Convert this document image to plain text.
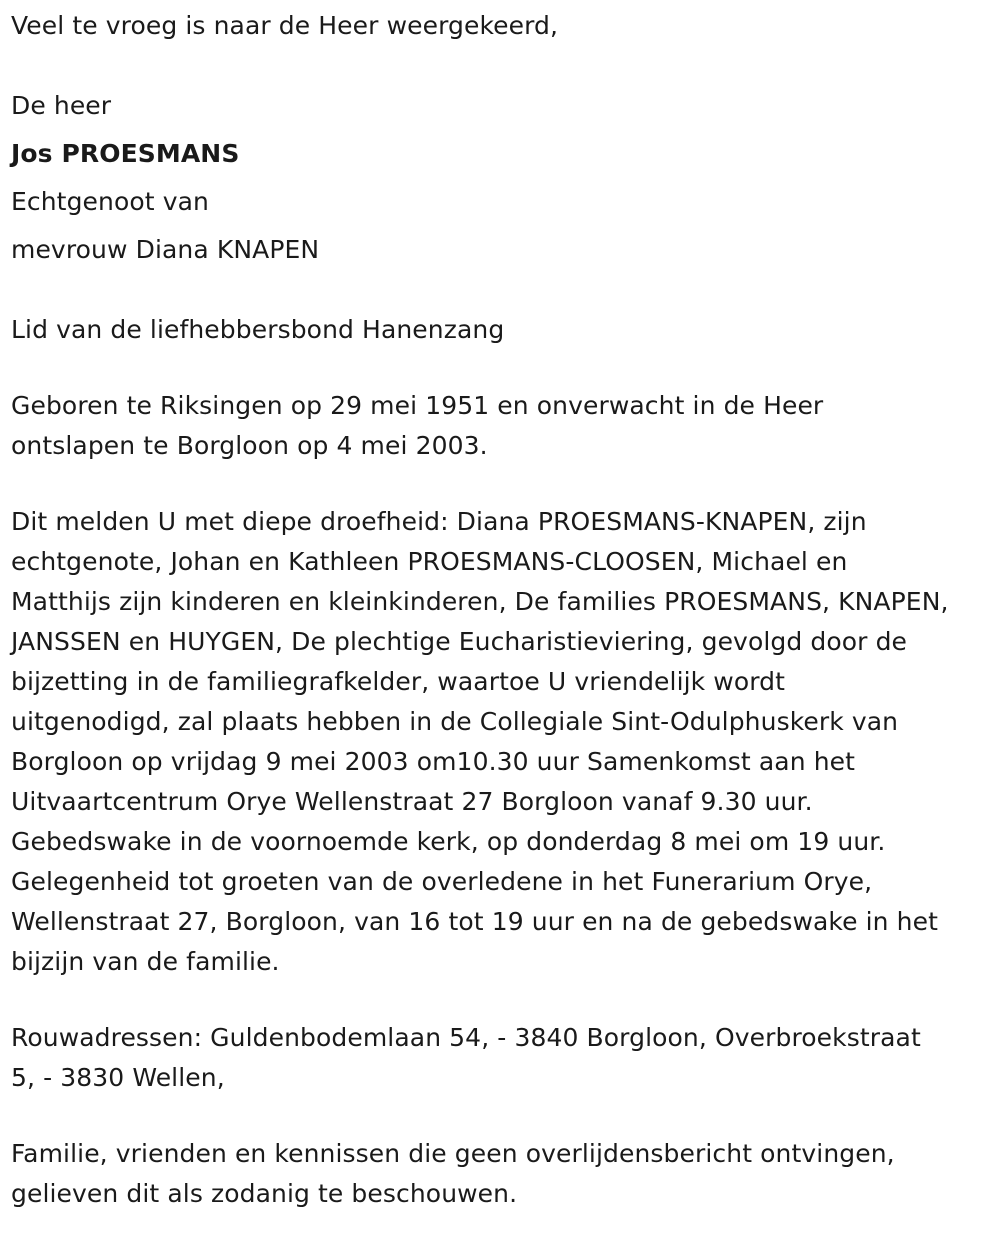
Veel te vroeg is naar de Heer weergekeerd,
De heer
Jos PROESMANS
Echtgenoot van
mevrouw Diana KNAPEN
Lid van de liefhebbersbond Hanenzang
Geboren te Riksingen op 29 mei 1951 en onverwacht in de Heer
ontslapen te Borgloon op 4 mei 2003.
Dit melden U met diepe droefheid: Diana PROESMANS-KNAPEN, zijn
echtgenote, Johan en Kathleen PROESMANS-CLOOSEN, Michael en
Matthijs zijn kinderen en kleinkinderen, De families PROESMANS, KNAPEN,
JANSSEN en HUYGEN, De plechtige Eucharistieviering, gevolgd door de
bijzetting in de familiegrafkelder, waartoe U vriendelijk wordt
uitgenodigd, zal plaats hebben in de Collegiale Sint-Odulphuskerk van
Borgloon op vrijdag 9 mei 2003 om10.30 uur Samenkomst aan het
Uitvaartcentrum Orye Wellenstraat 27 Borgloon vanaf 9.30 uur.
Gebedswake in de voornoemde kerk, op donderdag 8 mei om 19 uur.
Gelegenheid tot groeten van de overledene in het Funerarium Orye,
Wellenstraat 27, Borgloon, van 16 tot 19 uur en na de gebedswake in het
bijzijn van de familie.
Rouwadressen: Guldenbodemlaan 54, - 3840 Borgloon, Overbroekstraat
5, - 3830 Wellen,
Familie, vrienden en kennissen die geen overlijdensbericht ontvingen,
gelieven dit als zodanig te beschouwen.
